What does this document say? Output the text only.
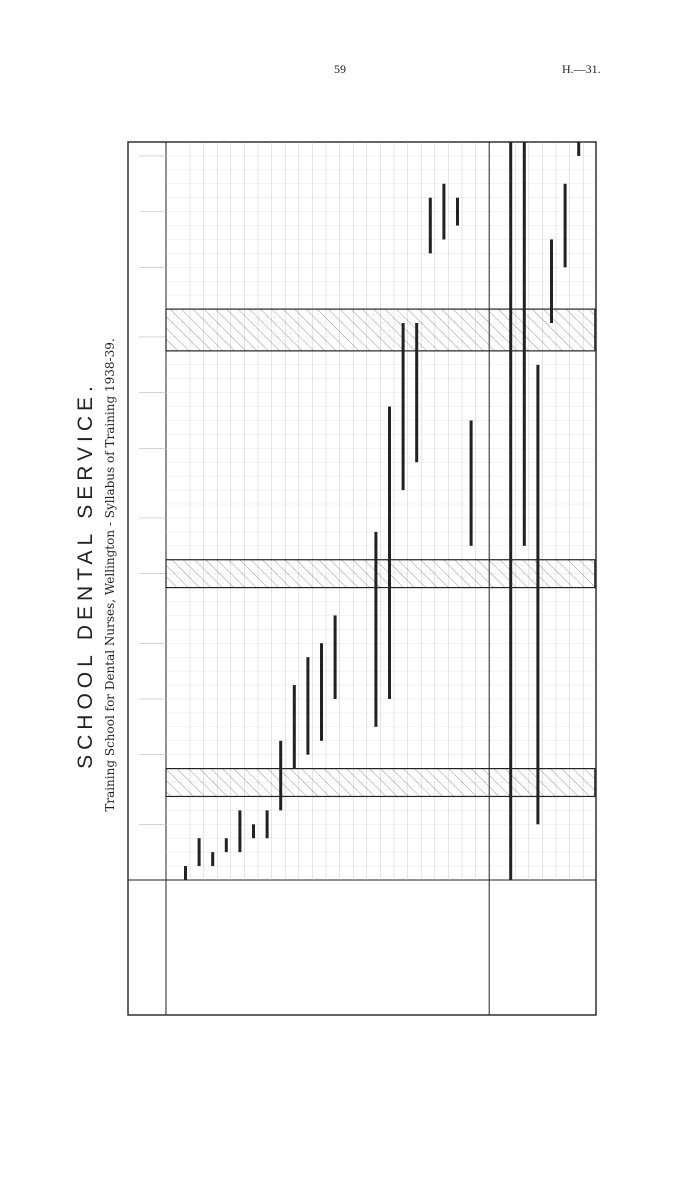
59	H.—31.
SCHOOL DENTAL SERVICE. Training School for Dental Nurses, Wellington - Syllabus of Training 1938-39.
